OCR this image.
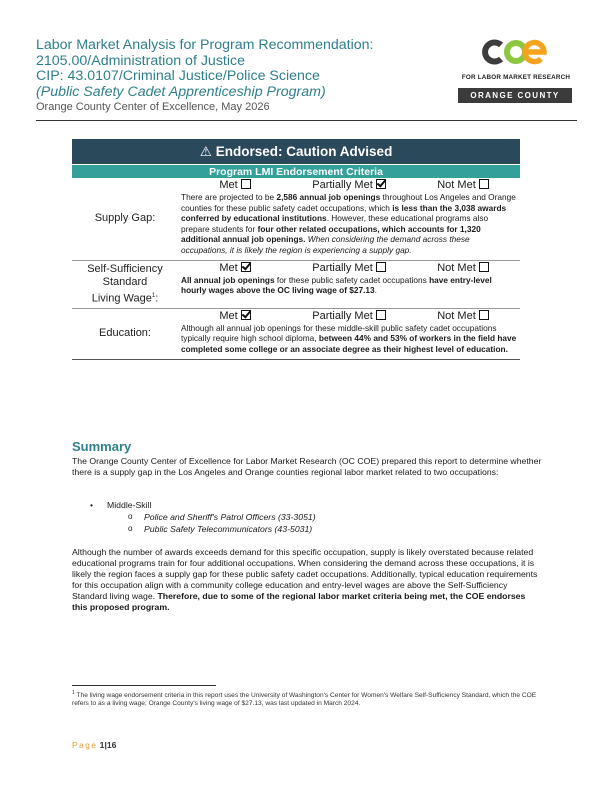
Labor Market Analysis for Program Recommendation:
2105.00/Administration of Justice
CIP: 43.0107/Criminal Justice/Police Science
(Public Safety Cadet Apprenticeship Program)
Orange County Center of Excellence, May 2026
FOR LABOR MARKET RESEARCH
ORANGE COUNTY
⚠ Endorsed: Caution Advised
Program LMI Endorsement Criteria
Supply Gap:
Met	Partially Met	Not Met
There are projected to be 2,586 annual job openings throughout Los Angeles and Orange counties for these public safety cadet occupations, which is less than the 3,038 awards conferred by educational institutions. However, these educational programs also prepare students for four other related occupations, which accounts for 1,320 additional annual job openings. When considering the demand across these occupations, it is likely the region is experiencing a supply gap.
Self-Sufficiency
Standard
Living Wage$^1$:
Met	Partially Met	Not Met
All annual job openings for these public safety cadet occupations have entry-level hourly wages above the OC living wage of $27.13.
Education:
Met	Partially Met	Not Met
Although all annual job openings for these middle-skill public safety cadet occupations typically require high school diploma, between 44% and 53% of workers in the field have completed some college or an associate degree as their highest level of education.
Summary
The Orange County Center of Excellence for Labor Market Research (OC COE) prepared this report to determine whether there is a supply gap in the Los Angeles and Orange counties regional labor market related to two occupations:
• Middle-Skill
o Police and Sheriff's Patrol Officers (33-3051)
o Public Safety Telecommunicators (43-5031)
Although the number of awards exceeds demand for this specific occupation, supply is likely overstated because related educational programs train for four additional occupations. When considering the demand across these occupations, it is likely the region faces a supply gap for these public safety cadet occupations. Additionally, typical education requirements for this occupation align with a community college education and entry-level wages are above the Self-Sufficiency Standard living wage. Therefore, due to some of the regional labor market criteria being met, the COE endorses this proposed program.
$^1$ The living wage endorsement criteria in this report uses the University of Washington's Center for Women's Welfare Self-Sufficiency Standard, which the COE refers to as a living wage; Orange County's living wage of $27.13, was last updated in March 2024.
Page 1|16
